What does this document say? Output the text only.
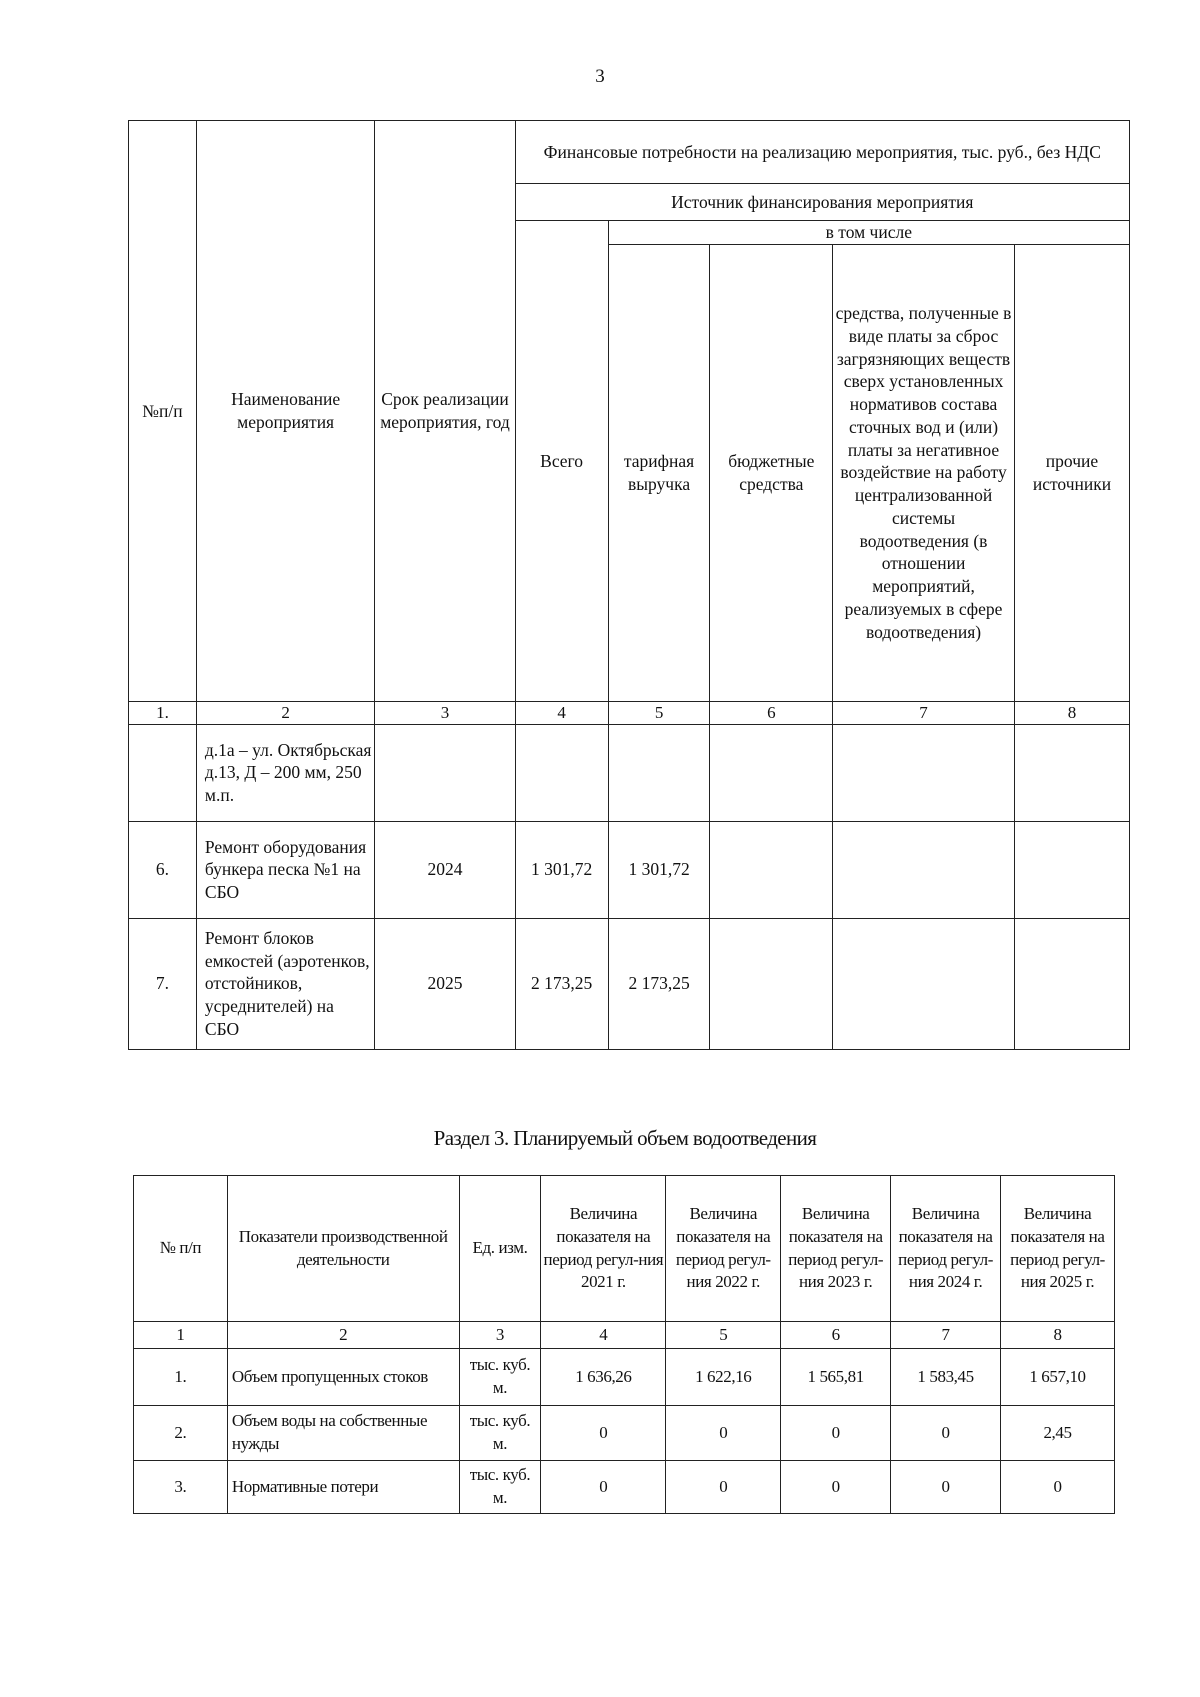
3
№п/п	Наименование мероприятия	Срок реализации мероприятия, год	Финансовые потребности на реализацию мероприятия, тыс. руб., без НДС				
			Источник финансирования мероприятия				
			Всего	в том числе			
				тарифная выручка	бюджетные средства	средства, полученные в виде платы за сброс загрязняющих веществ сверх установленных нормативов состава сточных вод и (или) платы за негативное воздействие на работу централизованной системы водоотведения (в отношении мероприятий, реализуемых в сфере водоотведения)	прочие источники
1.	2	3	4	5	6	7	8
	д.1а – ул. Октябрьская д.13, Д – 200 мм, 250 м.п.						
6.	Ремонт оборудования бункера песка №1 на СБО	2024	1 301,72	1 301,72			
7.	Ремонт блоков емкостей (аэротенков, отстойников, усреднителей) на СБО	2025	2 173,25	2 173,25			
Раздел 3. Планируемый объем водоотведения
№ п/п	Показатели производственной деятельности	Ед. изм.	Величина показателя на период регул-ния 2021 г.	Величина показателя на период регул-ния 2022 г.	Величина показателя на период регул-ния 2023 г.	Величина показателя на период регул-ния 2024 г.	Величина показателя на период регул-ния 2025 г.
1	2	3	4	5	6	7	8
1.	Объем пропущенных стоков	тыс. куб. м.	1 636,26	1 622,16	1 565,81	1 583,45	1 657,10
2.	Объем воды на собственные нужды	тыс. куб. м.	0	0	0	0	2,45
3.	Нормативные потери	тыс. куб. м.	0	0	0	0	0
